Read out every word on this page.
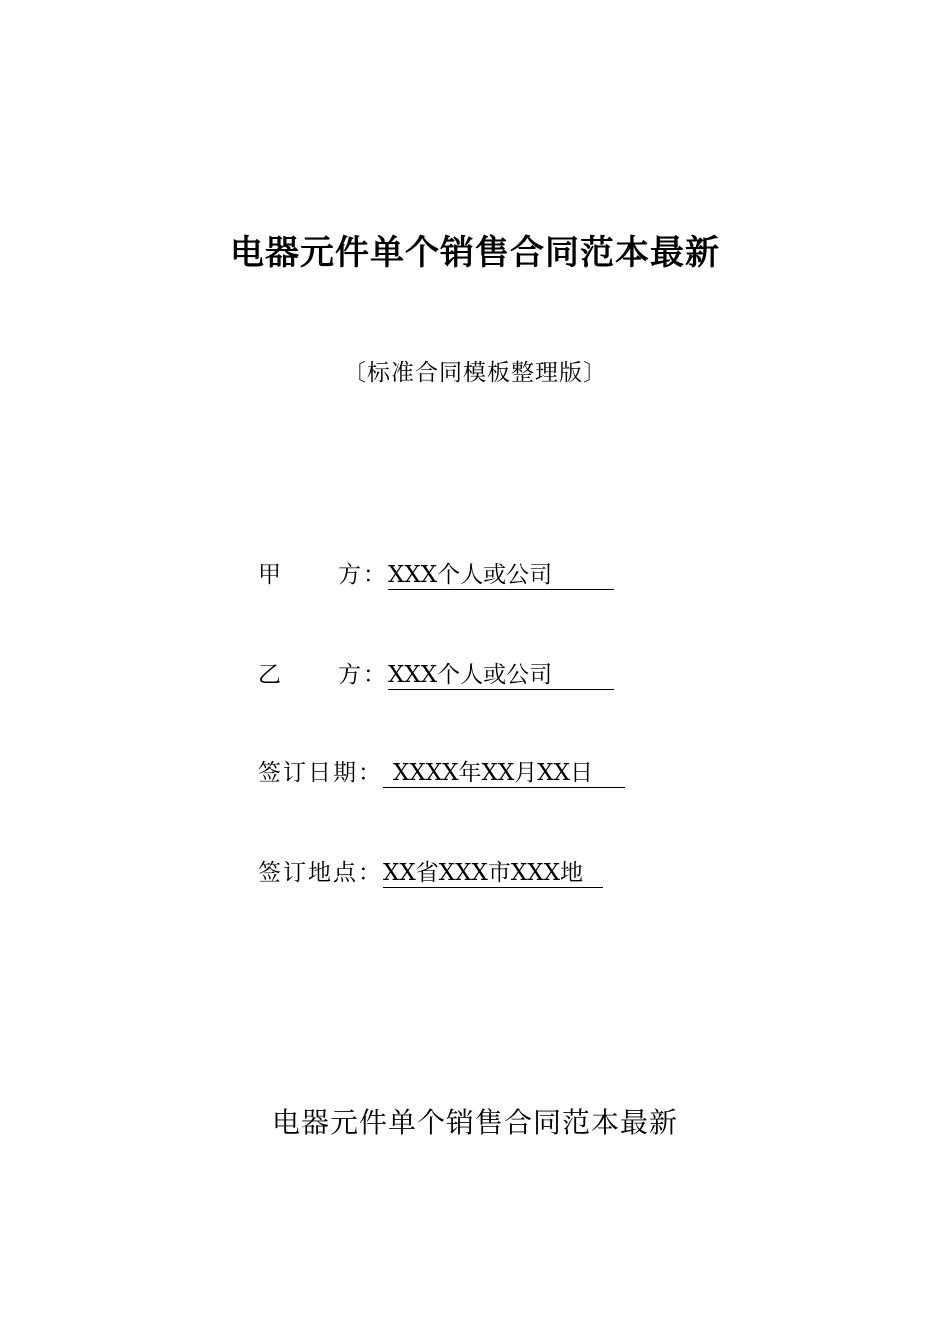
电器元件单个销售合同范本最新
〔标准合同模板整理版〕
甲 方： XXX个人或公司
乙 方： XXX个人或公司
签订日期： XXXX年XX月XX日
签订地点： XX省XXX市XXX地
电器元件单个销售合同范本最新
